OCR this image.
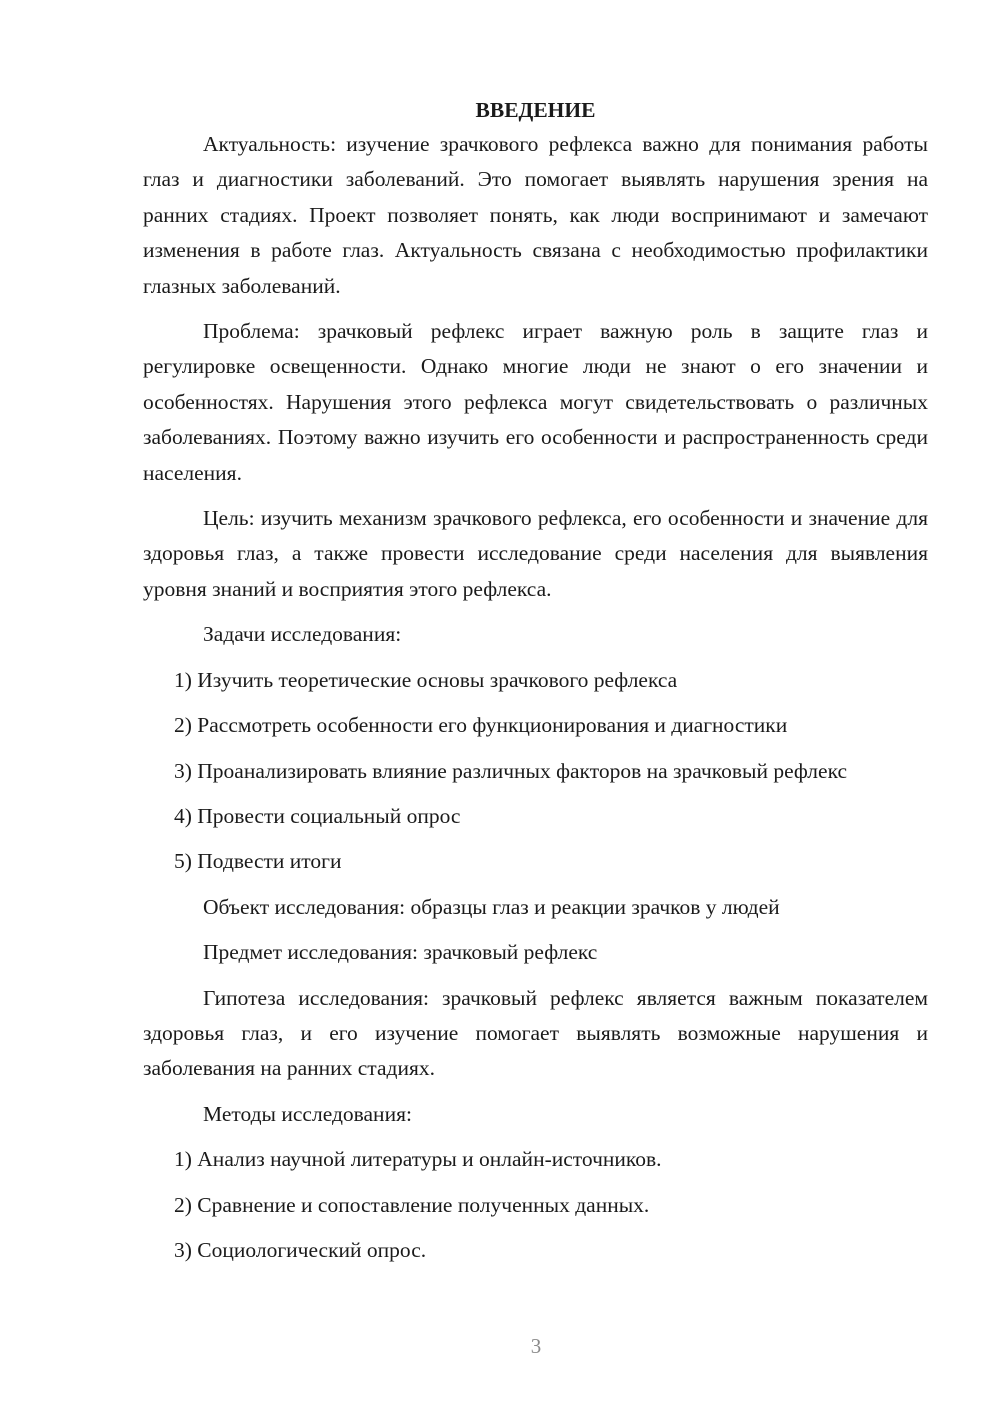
ВВЕДЕНИЕ

Актуальность: изучение зрачкового рефлекса важно для понимания работы глаз и диагностики заболеваний. Это помогает выявлять нарушения зрения на ранних стадиях. Проект позволяет понять, как люди воспринимают и замечают изменения в работе глаз. Актуальность связана с необходимостью профилактики глазных заболеваний.

Проблема: зрачковый рефлекс играет важную роль в защите глаз и регулировке освещенности. Однако многие люди не знают о его значении и особенностях. Нарушения этого рефлекса могут свидетельствовать о различных заболеваниях. Поэтому важно изучить его особенности и распространенность среди населения.

Цель: изучить механизм зрачкового рефлекса, его особенности и значение для здоровья глаз, а также провести исследование среди населения для выявления уровня знаний и восприятия этого рефлекса.

Задачи исследования:
1) Изучить теоретические основы зрачкового рефлекса
2) Рассмотреть особенности его функционирования и диагностики
3) Проанализировать влияние различных факторов на зрачковый рефлекс
4) Провести социальный опрос
5) Подвести итоги
Объект исследования: образцы глаз и реакции зрачков у людей
Предмет исследования: зрачковый рефлекс

Гипотеза исследования: зрачковый рефлекс является важным показателем здоровья глаз, и его изучение помогает выявлять возможные нарушения и заболевания на ранних стадиях.

Методы исследования:
1) Анализ научной литературы и онлайн-источников.
2) Сравнение и сопоставление полученных данных.
3) Социологический опрос.
3
